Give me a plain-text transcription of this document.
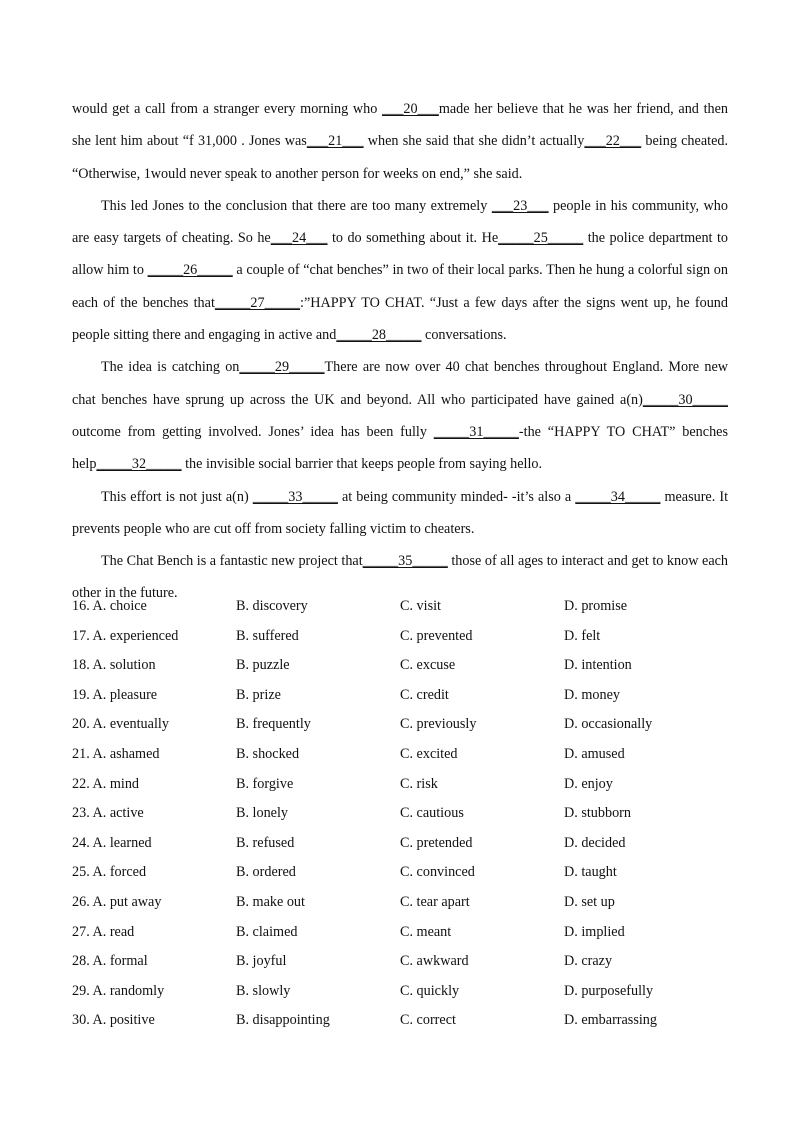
would get a call from a stranger every morning who ___20___made her believe that he was her friend, and then she lent him about “f 31,000 . Jones was___21___ when she said that she didn’t actually___22___ being cheated. “Otherwise, 1would never speak to another person for weeks on end,” she said.
This led Jones to the conclusion that there are too many extremely ___23___ people in his community, who are easy targets of cheating. So he___24___ to do something about it. He_____25_____ the police department to allow him to _____26_____ a couple of “chat benches” in two of their local parks. Then he hung a colorful sign on each of the benches that_____27_____:”HAPPY TO CHAT. “Just a few days after the signs went up, he found people sitting there and engaging in active and_____28_____ conversations.
The idea is catching on_____29_____There are now over 40 chat benches throughout England. More new chat benches have sprung up across the UK and beyond. All who participated have gained a(n)_____30_____ outcome from getting involved. Jones’ idea has been fully _____31_____-the “HAPPY TO CHAT” benches help_____32_____ the invisible social barrier that keeps people from saying hello.
This effort is not just a(n) _____33_____ at being community minded- -it’s also a _____34_____ measure. It prevents people who are cut off from society falling victim to cheaters.
The Chat Bench is a fantastic new project that_____35_____ those of all ages to interact and get to know each other in the future.
16. A. choice	B. discovery	C. visit	D. promise
17. A. experienced	B. suffered	C. prevented	D. felt
18. A. solution	B. puzzle	C. excuse	D. intention
19. A. pleasure	B. prize	C. credit	D. money
20. A. eventually	B. frequently	C. previously	D. occasionally
21. A. ashamed	B. shocked	C. excited	D. amused
22. A. mind	B. forgive	C. risk	D. enjoy
23. A. active	B. lonely	C. cautious	D. stubborn
24. A. learned	B. refused	C. pretended	D. decided
25. A. forced	B. ordered	C. convinced	D. taught
26. A. put away	B. make out	C. tear apart	D. set up
27. A. read	B. claimed	C. meant	D. implied
28. A. formal	B. joyful	C. awkward	D. crazy
29. A. randomly	B. slowly	C. quickly	D. purposefully
30. A. positive	B. disappointing	C. correct	D. embarrassing
